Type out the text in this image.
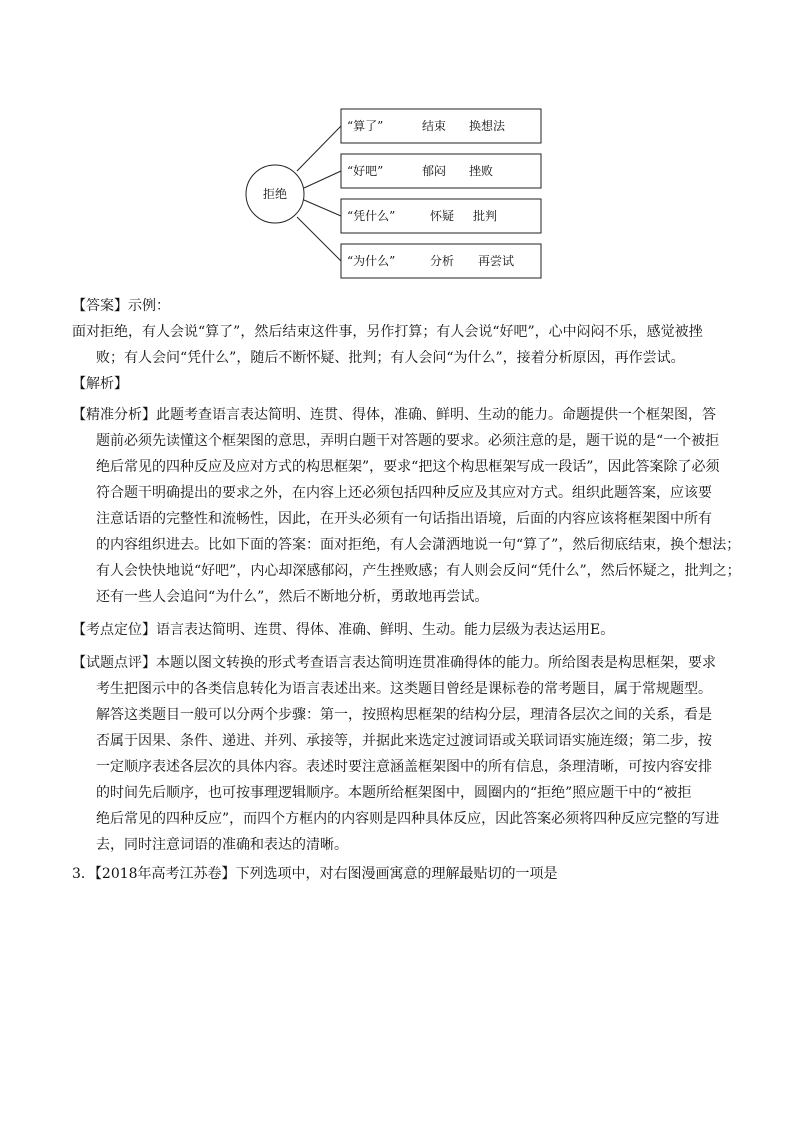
拒绝
“算了”	结束 换想法
“好吧”	郁闷 挫败
“凭什么”	怀疑 批判
“为什么”	分析 再尝试
【答案】示例：
面对拒绝，有人会说“算了”，然后结束这件事，另作打算；有人会说“好吧”，心中闷闷不乐，感觉被挫
败；有人会问“凭什么”，随后不断怀疑、批判；有人会问“为什么”，接着分析原因，再作尝试。
【解析】
【精准分析】此题考查语言表达简明、连贯、得体，准确、鲜明、生动的能力。命题提供一个框架图，答
题前必须先读懂这个框架图的意思，弄明白题干对答题的要求。必须注意的是，题干说的是“一个被拒
绝后常见的四种反应及应对方式的构思框架”，要求“把这个构思框架写成一段话”，因此答案除了必须
符合题干明确提出的要求之外，在内容上还必须包括四种反应及其应对方式。组织此题答案，应该要
注意话语的完整性和流畅性，因此，在开头必须有一句话指出语境，后面的内容应该将框架图中所有
的内容组织进去。比如下面的答案：面对拒绝，有人会潇洒地说一句“算了”，然后彻底结束，换个想法；
有人会快快地说“好吧”，内心却深感郁闷，产生挫败感；有人则会反问“凭什么”，然后怀疑之，批判之；
还有一些人会追问“为什么”，然后不断地分析，勇敢地再尝试。
【考点定位】语言表达简明、连贯、得体、准确、鲜明、生动。能力层级为表达运用E。
【试题点评】本题以图文转换的形式考查语言表达简明连贯准确得体的能力。所给图表是构思框架，要求
考生把图示中的各类信息转化为语言表述出来。这类题目曾经是课标卷的常考题目，属于常规题型。
解答这类题目一般可以分两个步骤：第一，按照构思框架的结构分层，理清各层次之间的关系，看是
否属于因果、条件、递进、并列、承接等，并据此来选定过渡词语或关联词语实施连缀；第二步，按
一定顺序表述各层次的具体内容。表述时要注意涵盖框架图中的所有信息，条理清晰，可按内容安排
的时间先后顺序，也可按事理逻辑顺序。本题所给框架图中，圆圈内的“拒绝”照应题干中的“被拒
绝后常见的四种反应”，而四个方框内的内容则是四种具体反应，因此答案必须将四种反应完整的写进
去，同时注意词语的准确和表达的清晰。
3．【2018年高考江苏卷】下列选项中，对右图漫画寓意的理解最贴切的一项是
